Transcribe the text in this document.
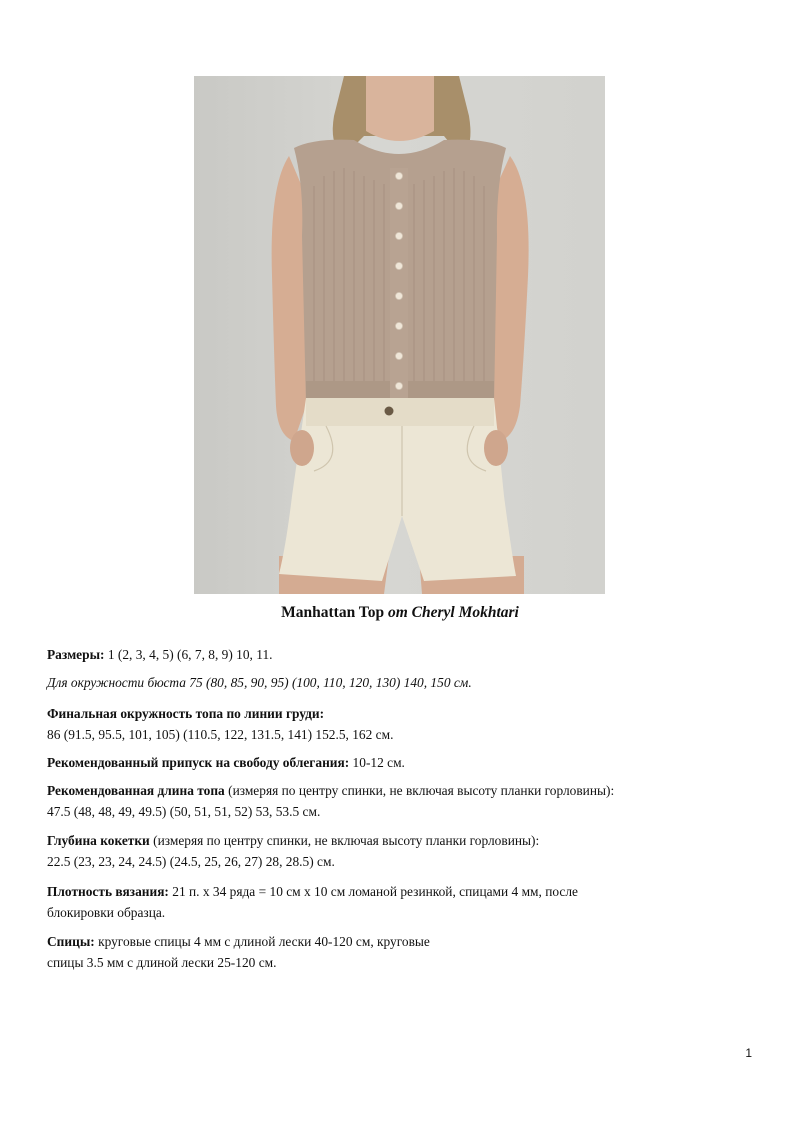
Manhattan Top от Cheryl Mokhtari
Размеры: 1 (2, 3, 4, 5) (6, 7, 8, 9) 10, 11.
Для окружности бюста 75 (80, 85, 90, 95) (100, 110, 120, 130) 140, 150 см.
Финальная окружность топа по линии груди:
86 (91.5, 95.5, 101, 105) (110.5, 122, 131.5, 141) 152.5, 162 см.
Рекомендованный припуск на свободу облегания: 10-12 см.
Рекомендованная длина топа (измеряя по центру спинки, не включая высоту планки горловины):
47.5 (48, 48, 49, 49.5) (50, 51, 51, 52) 53, 53.5 см.
Глубина кокетки (измеряя по центру спинки, не включая высоту планки горловины):
22.5 (23, 23, 24, 24.5) (24.5, 25, 26, 27) 28, 28.5) см.
Плотность вязания: 21 п. х 34 ряда = 10 см х 10 см ломаной резинкой, спицами 4 мм, после
блокировки образца.
Спицы: круговые спицы 4 мм с длиной лески 40-120 см, круговые
спицы 3.5 мм с длиной лески 25-120 см.
1
